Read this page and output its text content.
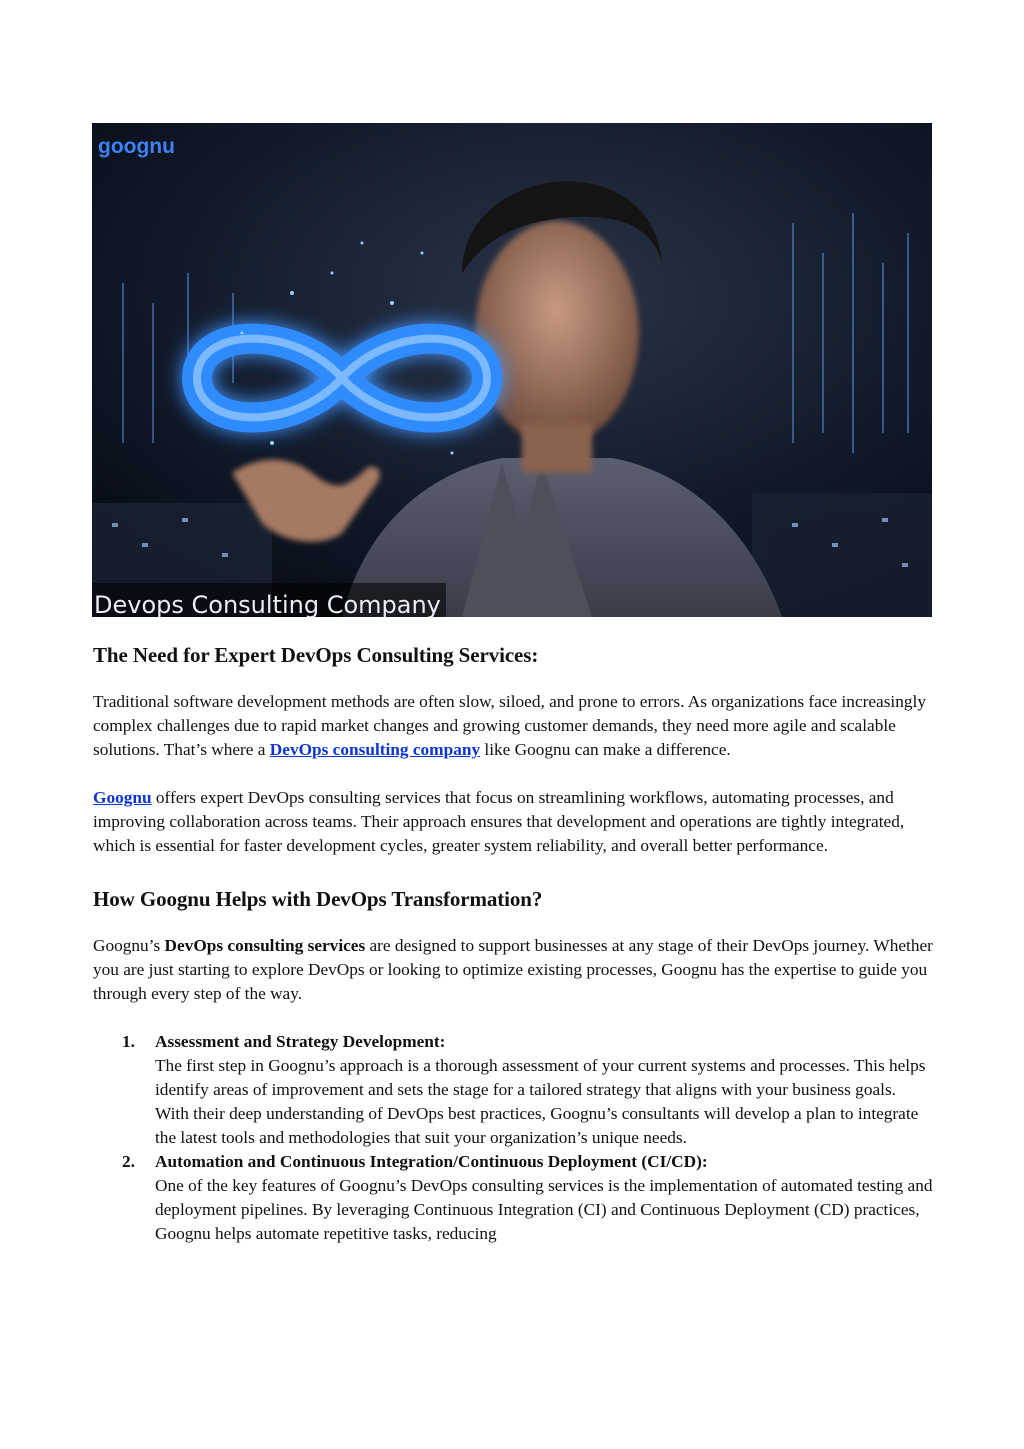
goognu
Devops Consulting Company
The Need for Expert DevOps Consulting Services:

Traditional software development methods are often slow, siloed, and prone to errors. As organizations face increasingly complex challenges due to rapid market changes and growing customer demands, they need more agile and scalable solutions. That’s where a DevOps consulting company like Goognu can make a difference.

Goognu offers expert DevOps consulting services that focus on streamlining workflows, automating processes, and improving collaboration across teams. Their approach ensures that development and operations are tightly integrated, which is essential for faster development cycles, greater system reliability, and overall better performance.

How Goognu Helps with DevOps Transformation?

Goognu’s DevOps consulting services are designed to support businesses at any stage of their DevOps journey. Whether you are just starting to explore DevOps or looking to optimize existing processes, Goognu has the expertise to guide you through every step of the way.

1. Assessment and Strategy Development:
The first step in Goognu’s approach is a thorough assessment of your current systems and processes. This helps identify areas of improvement and sets the stage for a tailored strategy that aligns with your business goals. With their deep understanding of DevOps best practices, Goognu’s consultants will develop a plan to integrate the latest tools and methodologies that suit your organization’s unique needs.
2. Automation and Continuous Integration/Continuous Deployment (CI/CD):
One of the key features of Goognu’s DevOps consulting services is the implementation of automated testing and deployment pipelines. By leveraging Continuous Integration (CI) and Continuous Deployment (CD) practices, Goognu helps automate repetitive tasks, reducing
